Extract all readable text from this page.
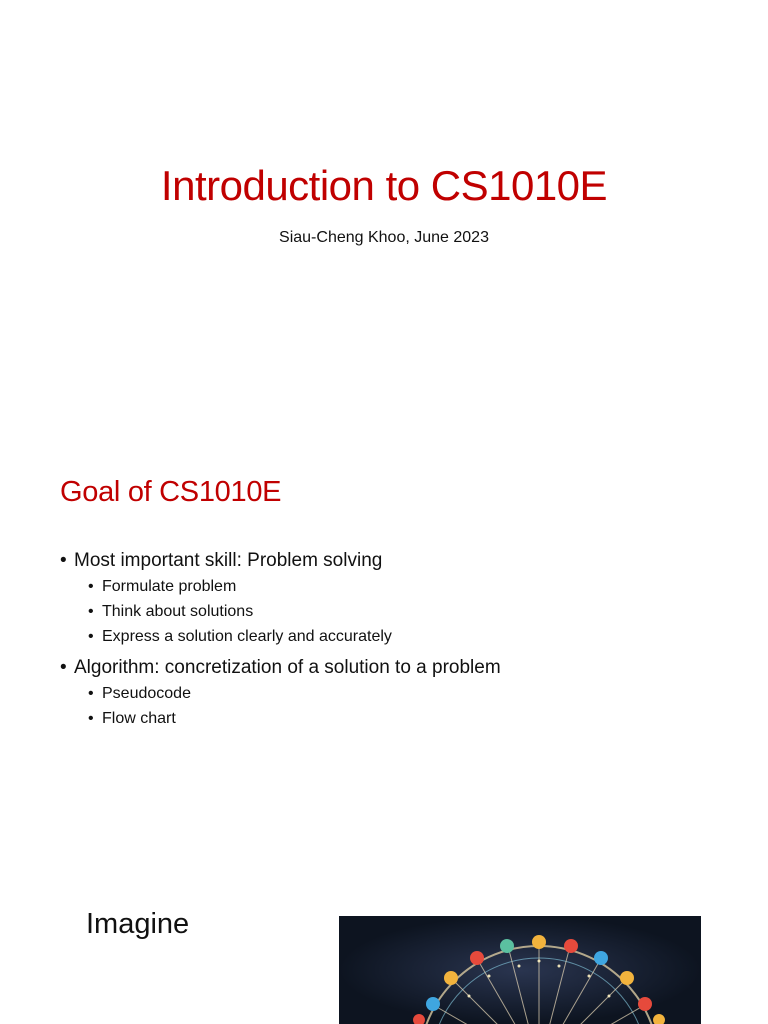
Introduction to CS1010E
Siau-Cheng Khoo, June 2023
Goal of CS1010E
• Most important skill: Problem solving
• Formulate problem
• Think about solutions
• Express a solution clearly and accurately
• Algorithm: concretization of a solution to a problem
• Pseudocode
• Flow chart
Imagine
